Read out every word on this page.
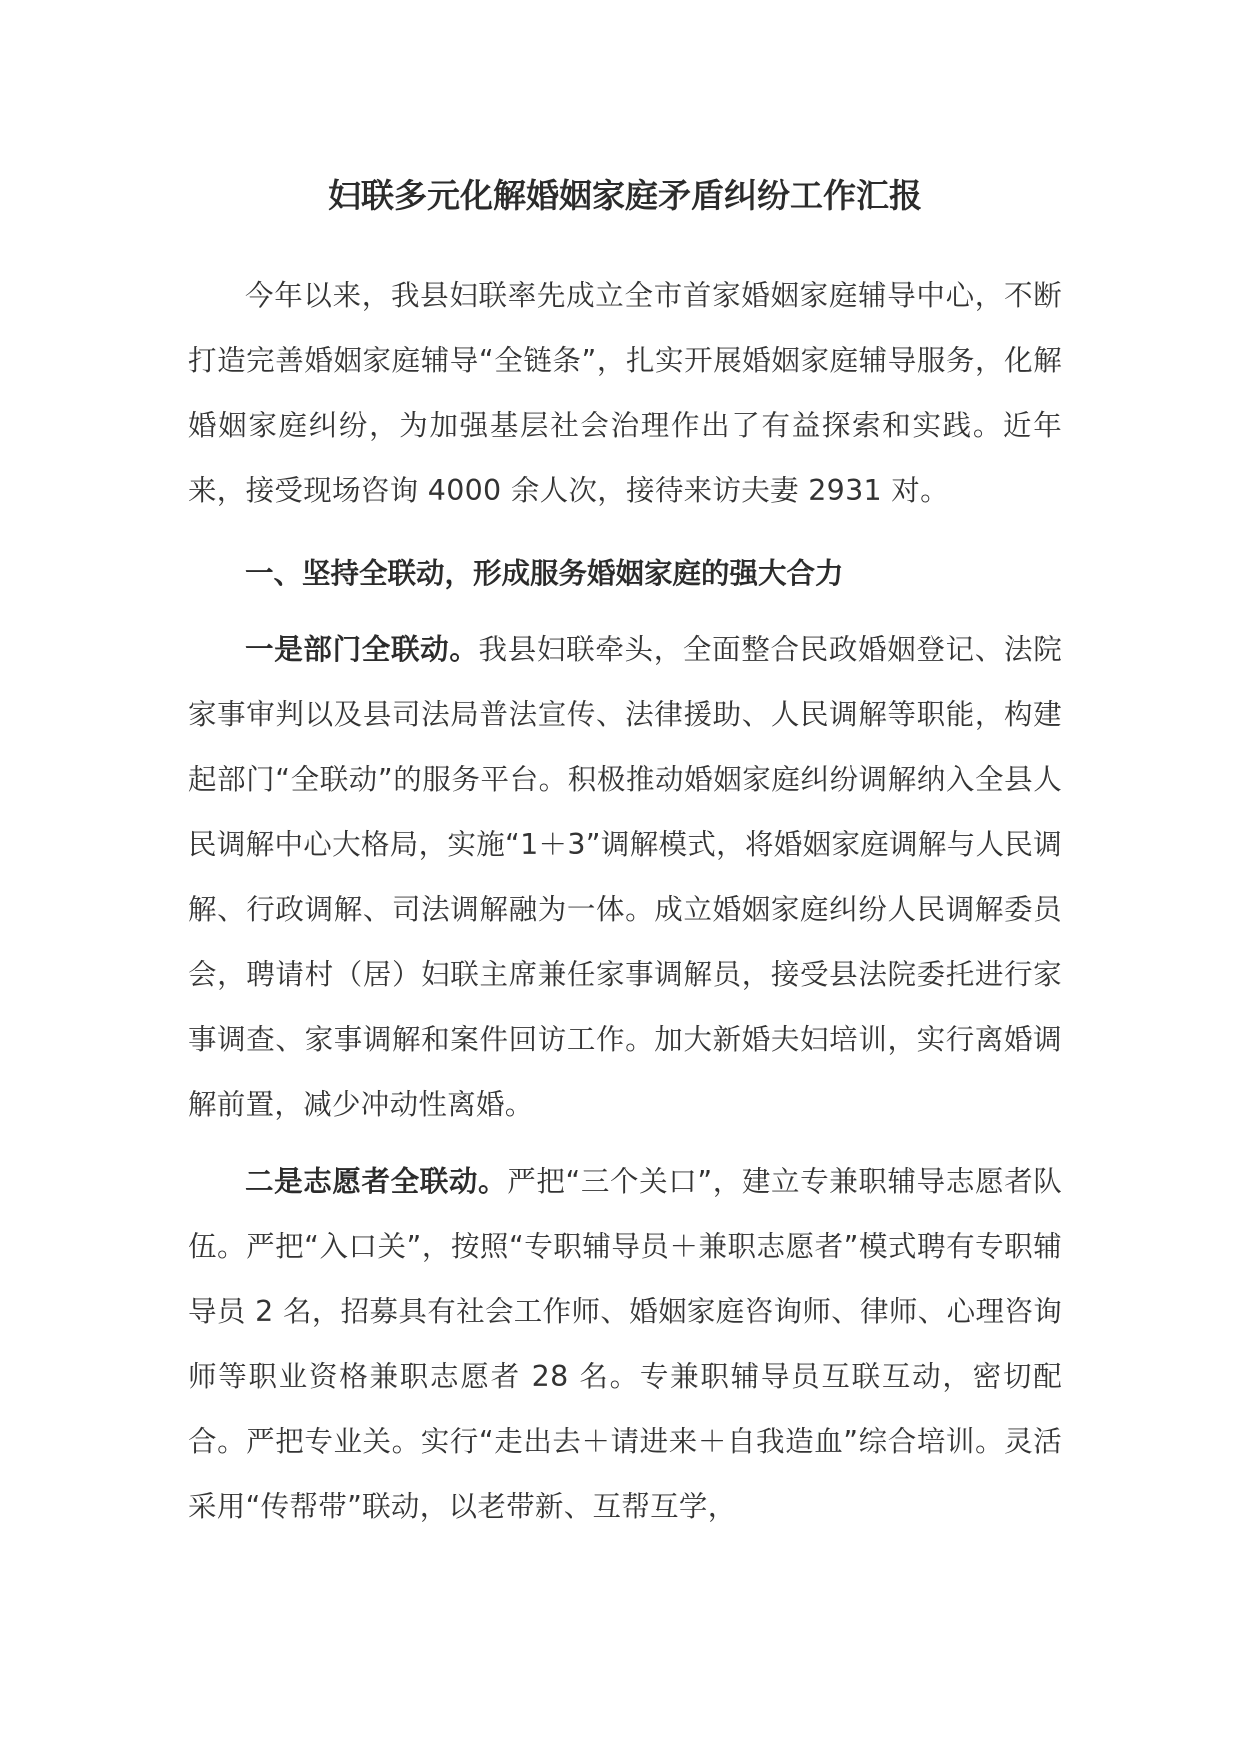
妇联多元化解婚姻家庭矛盾纠纷工作汇报

今年以来，我县妇联率先成立全市首家婚姻家庭辅导中心，不断打造完善婚姻家庭辅导“全链条”，扎实开展婚姻家庭辅导服务，化解婚姻家庭纠纷，为加强基层社会治理作出了有益探索和实践。近年来，接受现场咨询 4000 余人次，接待来访夫妻 2931 对。

一、坚持全联动，形成服务婚姻家庭的强大合力

一是部门全联动。我县妇联牵头，全面整合民政婚姻登记、法院家事审判以及县司法局普法宣传、法律援助、人民调解等职能，构建起部门“全联动”的服务平台。积极推动婚姻家庭纠纷调解纳入全县人民调解中心大格局，实施“1＋3”调解模式，将婚姻家庭调解与人民调解、行政调解、司法调解融为一体。成立婚姻家庭纠纷人民调解委员会，聘请村（居）妇联主席兼任家事调解员，接受县法院委托进行家事调查、家事调解和案件回访工作。加大新婚夫妇培训，实行离婚调解前置，减少冲动性离婚。

二是志愿者全联动。严把“三个关口”，建立专兼职辅导志愿者队伍。严把“入口关”，按照“专职辅导员＋兼职志愿者”模式聘有专职辅导员 2 名，招募具有社会工作师、婚姻家庭咨询师、律师、心理咨询师等职业资格兼职志愿者 28 名。专兼职辅导员互联互动，密切配合。严把专业关。实行“走出去＋请进来＋自我造血”综合培训。灵活采用“传帮带”联动，以老带新、互帮互学，
